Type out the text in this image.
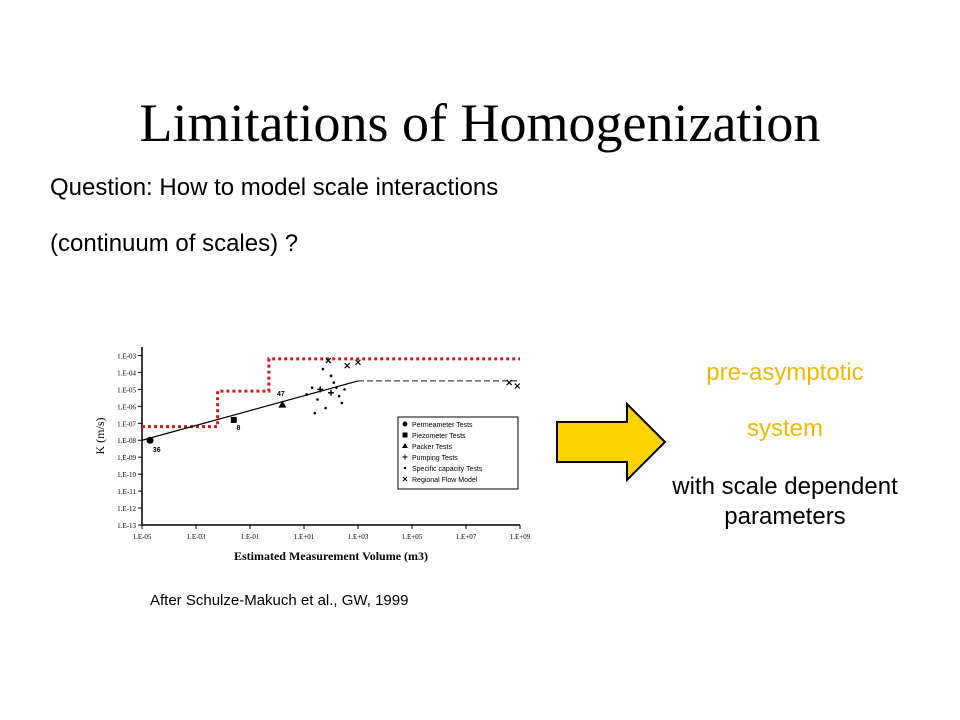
Limitations of Homogenization
Question: How to model scale interactions
(continuum of scales) ?
1.E-03
1.E-04
1.E-05
1.E-06
1.E-07
1.E-08
1.E-09
1.E-10
1.E-11
1.E-12
1.E-13
1.E-05	1.E-03	1.E-01	1.E+01	1.E+03	1.E+05	1.E+07	1.E+09
Estimated Measurement Volume (m3)
K (m/s)	36
8
47
Permeameter Tests
Piezometer Tests
Packer Tests
Pumping Tests
Specific capacity Tests
Regional Flow Model
After Schulze-Makuch et al., GW, 1999
pre-asymptotic
system
with scale dependent parameters
